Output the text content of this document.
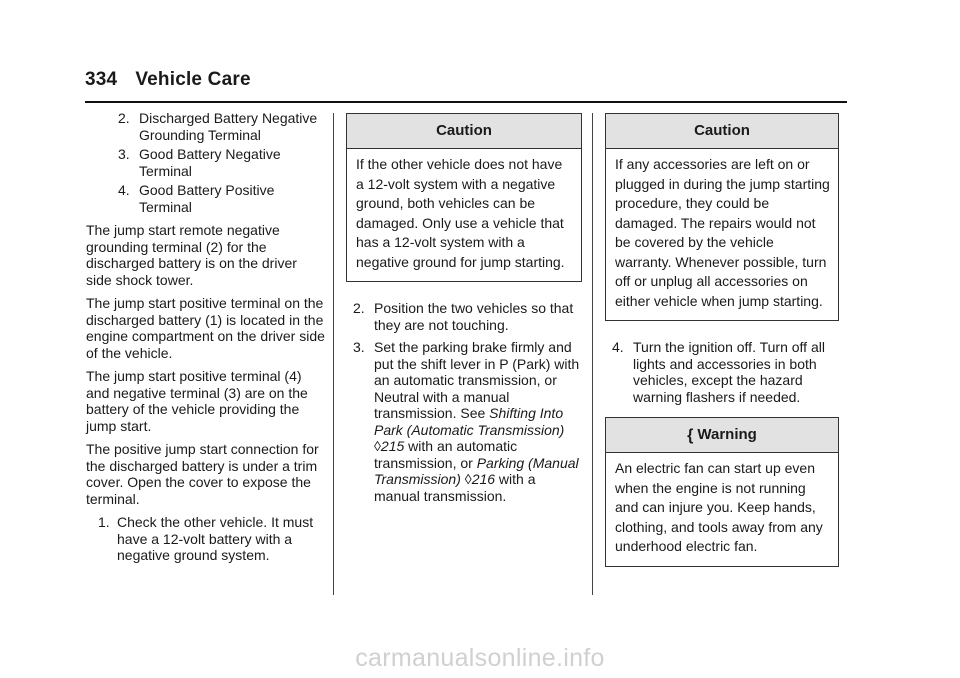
334 Vehicle Care
2. Discharged Battery Negative Grounding Terminal
3. Good Battery Negative Terminal
4. Good Battery Positive Terminal

The jump start remote negative grounding terminal (2) for the discharged battery is on the driver side shock tower.

The jump start positive terminal on the discharged battery (1) is located in the engine compartment on the driver side of the vehicle.

The jump start positive terminal (4) and negative terminal (3) are on the battery of the vehicle providing the jump start.

The positive jump start connection for the discharged battery is under a trim cover. Open the cover to expose the terminal.

1. Check the other vehicle. It must have a 12-volt battery with a negative ground system.
Caution
If the other vehicle does not have a 12-volt system with a negative ground, both vehicles can be damaged. Only use a vehicle that has a 12-volt system with a negative ground for jump starting.
2. Position the two vehicles so that they are not touching.
3. Set the parking brake firmly and put the shift lever in P (Park) with an automatic transmission, or Neutral with a manual transmission. See Shifting Into Park (Automatic Transmission) ◊215 with an automatic transmission, or Parking (Manual Transmission) ◊216 with a manual transmission.
Caution
If any accessories are left on or plugged in during the jump starting procedure, they could be damaged. The repairs would not be covered by the vehicle warranty. Whenever possible, turn off or unplug all accessories on either vehicle when jump starting.
4. Turn the ignition off. Turn off all lights and accessories in both vehicles, except the hazard warning flashers if needed.
{ Warning
An electric fan can start up even when the engine is not running and can injure you. Keep hands, clothing, and tools away from any underhood electric fan.
carmanualsonline.info
